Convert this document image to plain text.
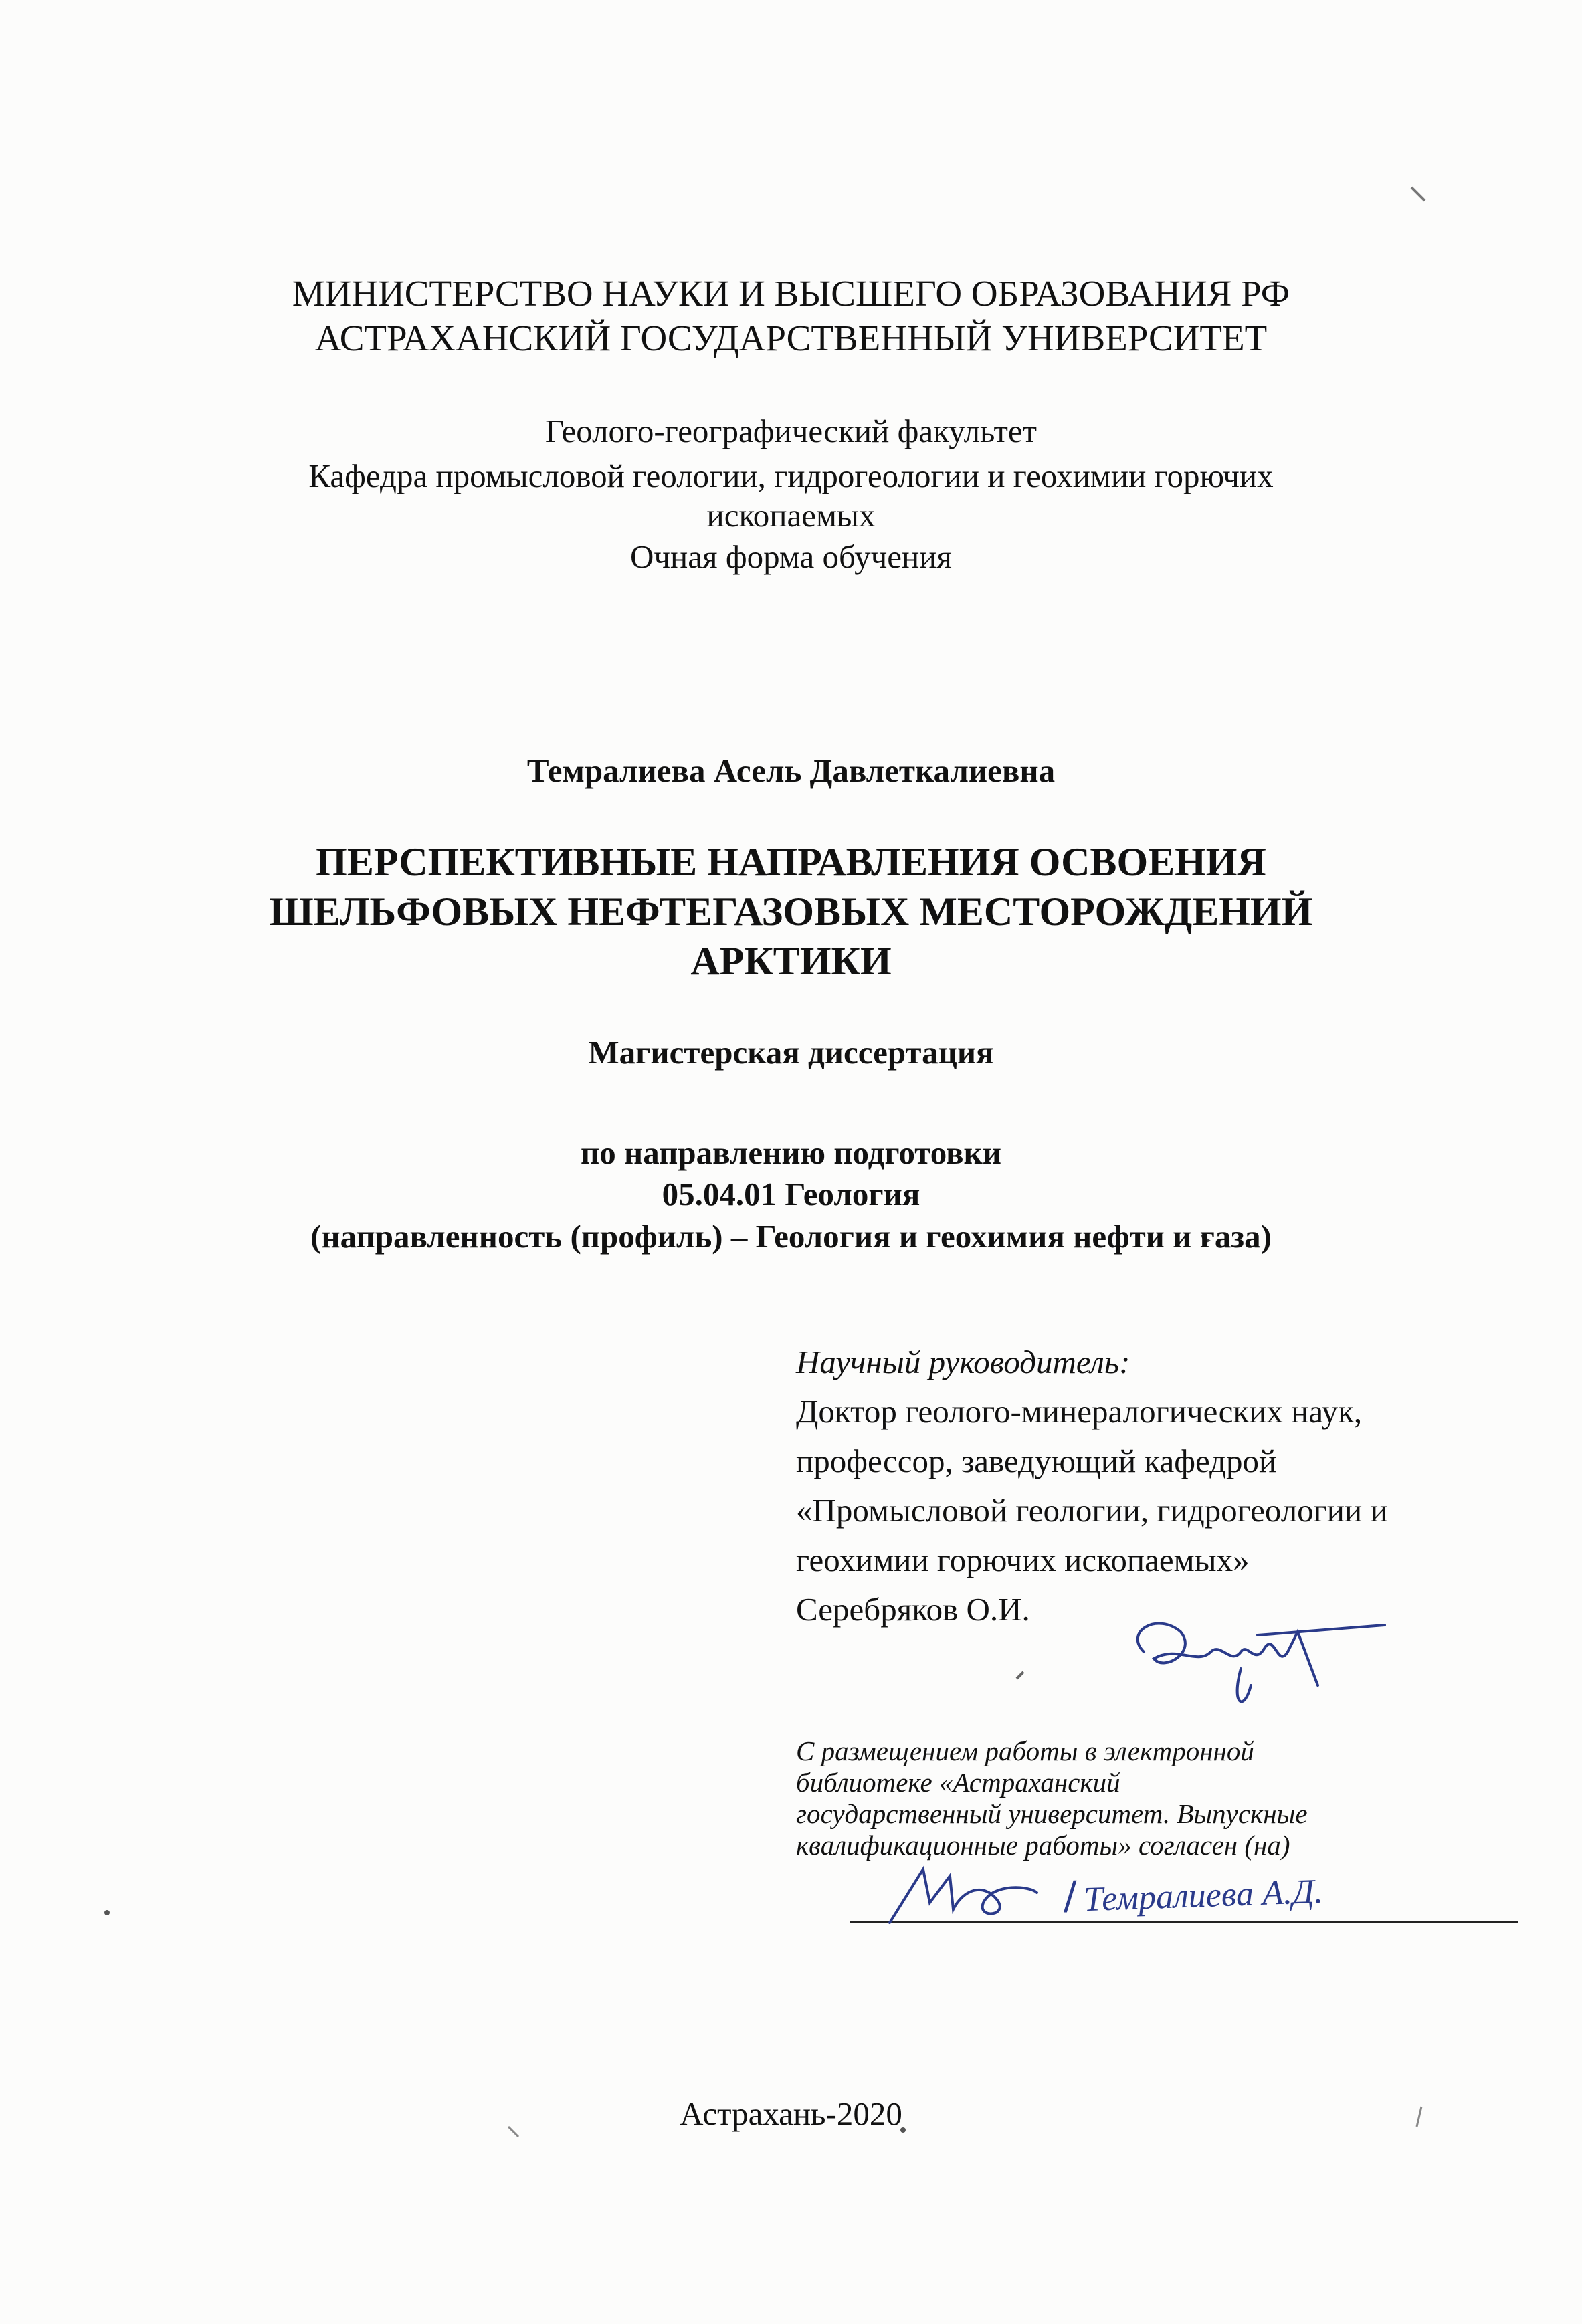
МИНИСТЕРСТВО НАУКИ И ВЫСШЕГО ОБРАЗОВАНИЯ РФ
АСТРАХАНСКИЙ ГОСУДАРСТВЕННЫЙ УНИВЕРСИТЕТ
Геолого-географический факультет
Кафедра промысловой геологии, гидрогеологии и геохимии горючих
ископаемых
Очная форма обучения
Темралиева Асель Давлеткалиевна
ПЕРСПЕКТИВНЫЕ НАПРАВЛЕНИЯ ОСВОЕНИЯ
ШЕЛЬФОВЫХ НЕФТЕГАЗОВЫХ МЕСТОРОЖДЕНИЙ
АРКТИКИ
Магистерская диссертация
по направлению подготовки
05.04.01 Геология
(направленность (профиль) – Геология и геохимия нефти и газа)
Научный руководитель:
Доктор геолого-минералогических наук,
профессор, заведующий кафедрой
«Промысловой геологии, гидрогеологии и
геохимии горючих ископаемых»
Серебряков О.И.
С размещением работы в электронной
библиотеке «Астраханский
государственный университет. Выпускные
квалификационные работы» согласен (на)
/ Темралиева А.Д.
Астрахань-2020
